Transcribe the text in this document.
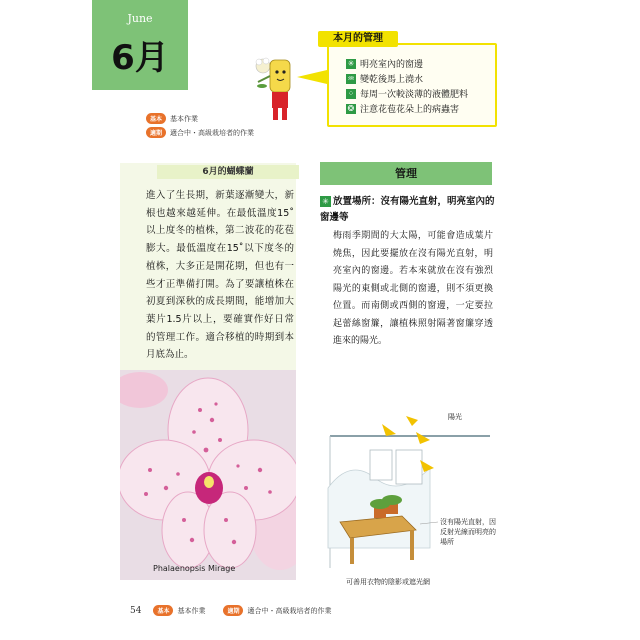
June
6月
基本	基本作業
適期	適合中・高級栽培者的作業
本月的管理
✳ 明亮室內的窗邊
♒ 變乾後馬上澆水
⁘ 每周一次較淡薄的液體肥料
❂ 注意花苞花朵上的病蟲害
6月的蝴蝶蘭
進入了生長期，新葉逐漸變大，新根也越來越延伸。在最低溫度15˚以上度冬的植株，第二波花的花苞膨大。最低溫度在15˚以下度冬的植株，大多正是開花期，但也有一些才正準備打開。為了要讓植株在初夏到深秋的成長期間，能增加大葉片1.5片以上，要確實作好日常的管理工作。適合移植的時期到本月底為止。
Phalaenopsis Mirage
管理
✳ 放置場所：沒有陽光直射，明亮室內的窗邊等
梅雨季期間的大太陽，可能會造成葉片燒焦，因此要擺放在沒有陽光直射，明亮室內的窗邊。若本來就放在沒有強烈陽光的東側或北側的窗邊，則不須更換位置。而南側或西側的窗邊，一定要拉起蕾絲窗簾，讓植株照射隔著窗簾穿透進來的陽光。
陽光
沒有陽光直射，因反射光線而明亮的場所
可善用衣物的陰影或遮光網
54	基本	基本作業	適期	適合中・高級栽培者的作業
